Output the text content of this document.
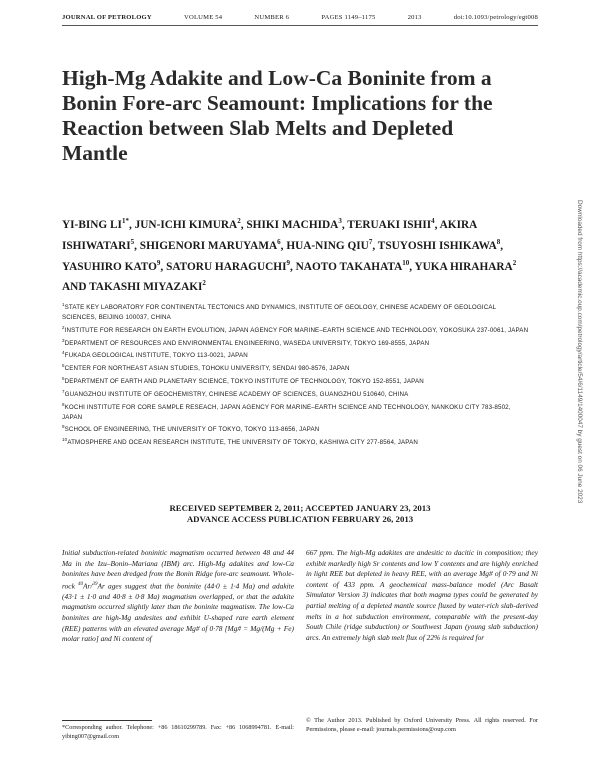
JOURNAL OF PETROLOGY	VOLUME 54	NUMBER 6	PAGES 1149–1175	2013	doi:10.1093/petrology/egt008
High-Mg Adakite and Low-Ca Boninite from a Bonin Fore-arc Seamount: Implications for the Reaction between Slab Melts and Depleted Mantle
YI-BING $LI^{1*}$, JUN-ICHI KIMURA$^2$, SHIKI MACHIDA$^3$, TERUAKI ISHII$^4$, AKIRA ISHIWATARI$^5$, SHIGENORI MARUYAMA$^6$, HUA-NING QIU$^7$, TSUYOSHI ISHIKAWA$^8$, YASUHIRO KATO$^9$, SATORU HARAGUCHI$^9$, NAOTO TAKAHATA$^{10}$, YUKA HIRAHARA$^2$ AND TAKASHI MIYAZAKI$^2$
$^1$STATE KEY LABORATORY FOR CONTINENTAL TECTONICS AND DYNAMICS, INSTITUTE OF GEOLOGY, CHINESE ACADEMY OF GEOLOGICAL SCIENCES, BEIJING 100037, CHINA
$^2$INSTITUTE FOR RESEARCH ON EARTH EVOLUTION, JAPAN AGENCY FOR MARINE–EARTH SCIENCE AND TECHNOLOGY, YOKOSUKA 237-0061, JAPAN
$^3$DEPARTMENT OF RESOURCES AND ENVIRONMENTAL ENGINEERING, WASEDA UNIVERSITY, TOKYO 169-8555, JAPAN
$^4$FUKADA GEOLOGICAL INSTITUTE, TOKYO 113-0021, JAPAN
$^5$CENTER FOR NORTHEAST ASIAN STUDIES, TOHOKU UNIVERSITY, SENDAI 980-8576, JAPAN
$^6$DEPARTMENT OF EARTH AND PLANETARY SCIENCE, TOKYO INSTITUTE OF TECHNOLOGY, TOKYO 152-8551, JAPAN
$^7$GUANGZHOU INSTITUTE OF GEOCHEMISTRY, CHINESE ACADEMY OF SCIENCES, GUANGZHOU 510640, CHINA
$^8$KOCHI INSTITUTE FOR CORE SAMPLE RESEACH, JAPAN AGENCY FOR MARINE–EARTH SCIENCE AND TECHNOLOGY, NANKOKU CITY 783-8502, JAPAN
$^9$SCHOOL OF ENGINEERING, THE UNIVERSITY OF TOKYO, TOKYO 113-8656, JAPAN
$^{10}$ATMOSPHERE AND OCEAN RESEARCH INSTITUTE, THE UNIVERSITY OF TOKYO, KASHIWA CITY 277-8564, JAPAN
RECEIVED SEPTEMBER 2, 2011; ACCEPTED JANUARY 23, 2013
ADVANCE ACCESS PUBLICATION FEBRUARY 26, 2013

Initial subduction-related boninitic magmatism occurred between 48 and 44 Ma in the Izu–Bonin–Mariana (IBM) arc. High-Mg adakites and low-Ca boninites have been dredged from the Bonin Ridge fore-arc seamount. Whole-rock $^{40}$Ar/$^{39}$Ar ages suggest that the boninite (44·0 ± 1·4 Ma) and adakite (43·1 ± 1·0 and 40·8 ± 0·8 Ma) magmatism overlapped, or that the adakite magmatism occurred slightly later than the boninite magmatism. The low-Ca boninites are high-Mg andesites and exhibit U-shaped rare earth element (REE) patterns with an elevated average Mg# of 0·78 [Mg# = Mg/(Mg + Fe) molar ratio] and Ni content of

667 ppm. The high-Mg adakites are andesitic to dacitic in composition; they exhibit markedly high Sr contents and low Y contents and are highly enriched in light REE but depleted in heavy REE, with an average Mg# of 0·79 and Ni content of 433 ppm. A geochemical mass-balance model (Arc Basalt Simulator Version 3) indicates that both magma types could be generated by partial melting of a depleted mantle source fluxed by water-rich slab-derived melts in a hot subduction environment, comparable with the present-day South Chile (ridge subduction) or Southwest Japan (young slab subduction) arcs. An extremely high slab melt flux of 22% is required for

*Corresponding author. Telephone: +86 18610299789. Fax: +86 1068994781. E-mail: yibing007@gmail.com

© The Author 2013. Published by Oxford University Press. All rights reserved. For Permissions, please e-mail: journals.permissions@oup.com

Downloaded from https://academic.oup.com/petrology/article/54/6/1149/1400047 by guest on 06 June 2023
